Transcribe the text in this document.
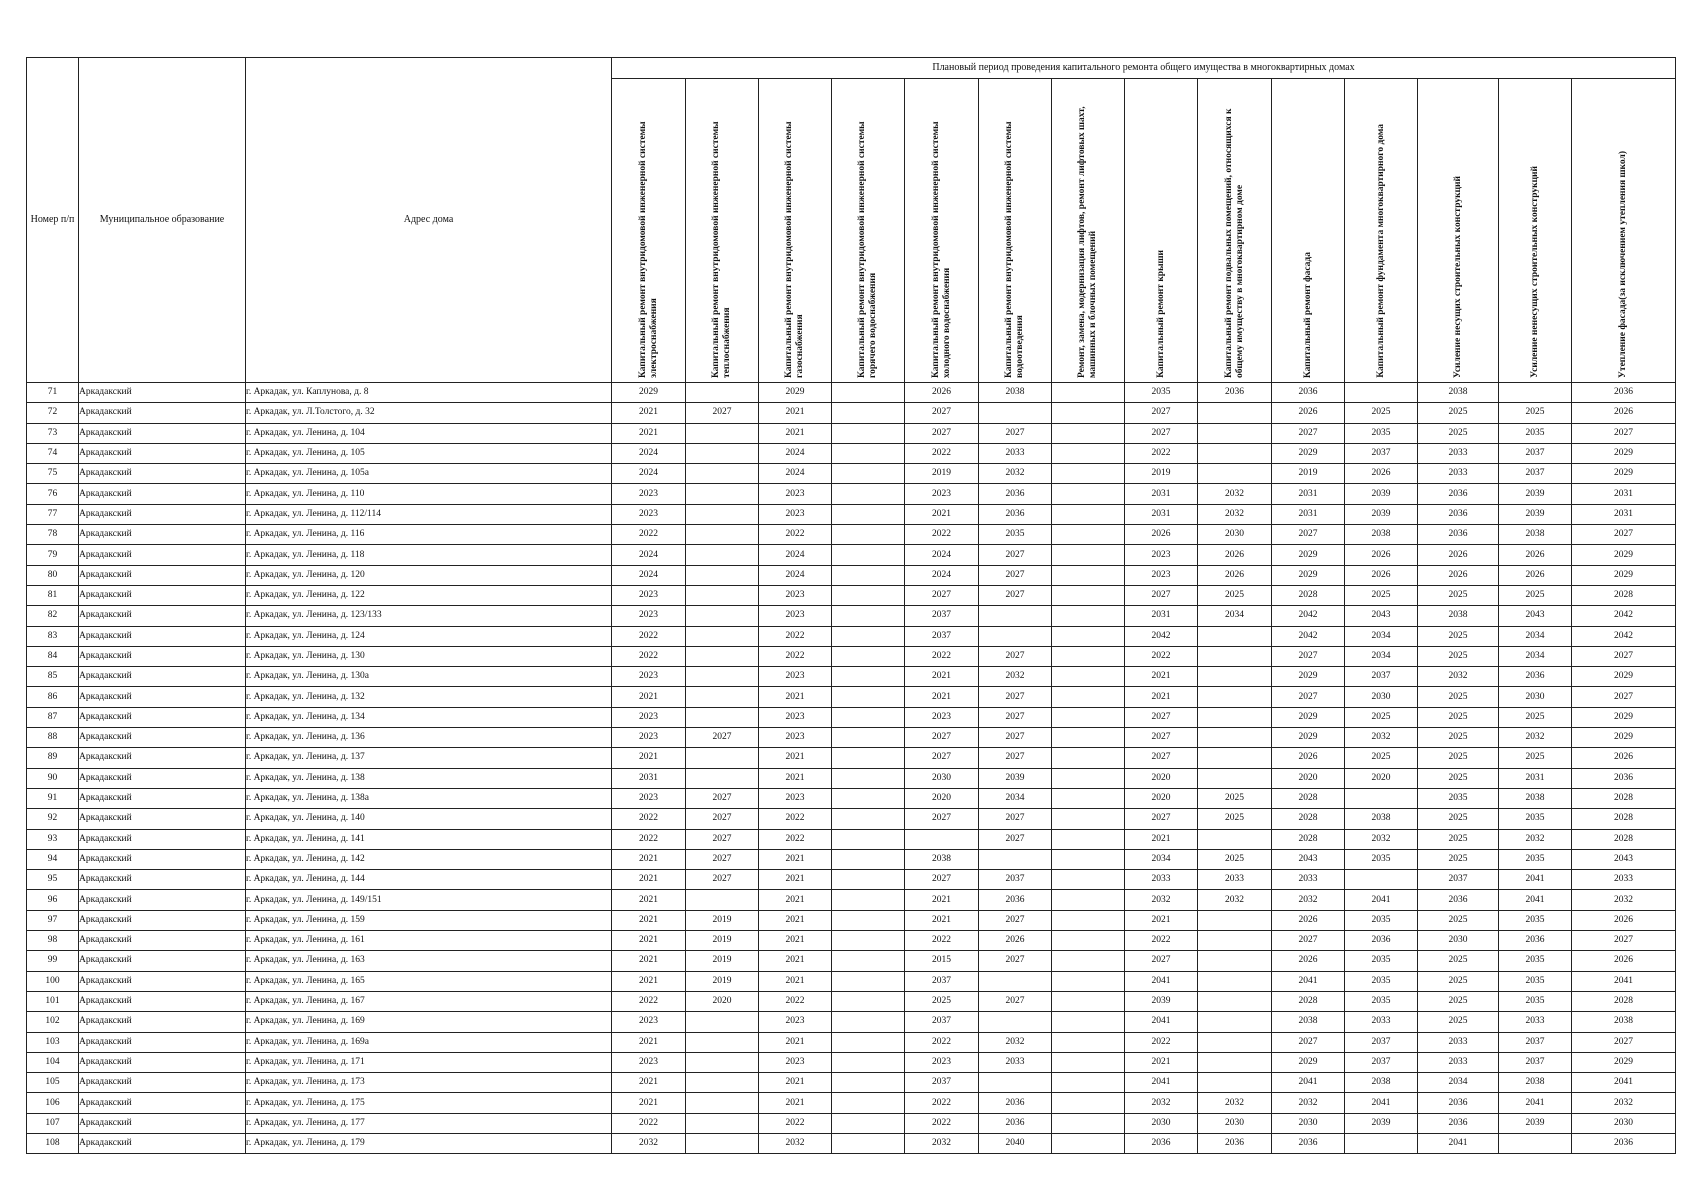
Номер п/п	Муниципальное образование	Адрес дома	Плановый период проведения капитального ремонта общего имущества в многоквартирных домах													
			Капитальный ремонт внутридомовой инженерной системы электроснабжения	Капитальный ремонт внутридомовой инженерной системы теплоснабжения	Капитальный ремонт внутридомовой инженерной системы газоснабжения	Капитальный ремонт внутридомовой инженерной системы горячего водоснабжения	Капитальный ремонт внутридомовой инженерной системы холодного водоснабжения	Капитальный ремонт внутридомовой инженерной системы водоотведения	Ремонт, замена, модернизация лифтов, ремонт лифтовых шахт, машинных и блочных помещений	Капитальный ремонт крыши	Капитальный ремонт подвальных помещений, относящихся к общему имуществу в многоквартирном доме	Капитальный ремонт фасада	Капитальный ремонт фундамента многоквартирного дома	Усиление несущих строительных конструкций	Усиление ненесущих строительных конструкций	Утепление фасада(за исключением утепления школ)
71	Аркадакский	г. Аркадак, ул. Каплунова, д. 8	2029		2029		2026	2038		2035	2036	2036		2038		2036
72	Аркадакский	г. Аркадак, ул. Л.Толстого, д. 32	2021	2027	2021		2027			2027		2026	2025	2025	2025	2026
73	Аркадакский	г. Аркадак, ул. Ленина, д. 104	2021		2021		2027	2027		2027		2027	2035	2025	2035	2027
74	Аркадакский	г. Аркадак, ул. Ленина, д. 105	2024		2024		2022	2033		2022		2029	2037	2033	2037	2029
75	Аркадакский	г. Аркадак, ул. Ленина, д. 105а	2024		2024		2019	2032		2019		2019	2026	2033	2037	2029
76	Аркадакский	г. Аркадак, ул. Ленина, д. 110	2023		2023		2023	2036		2031	2032	2031	2039	2036	2039	2031
77	Аркадакский	г. Аркадак, ул. Ленина, д. 112/114	2023		2023		2021	2036		2031	2032	2031	2039	2036	2039	2031
78	Аркадакский	г. Аркадак, ул. Ленина, д. 116	2022		2022		2022	2035		2026	2030	2027	2038	2036	2038	2027
79	Аркадакский	г. Аркадак, ул. Ленина, д. 118	2024		2024		2024	2027		2023	2026	2029	2026	2026	2026	2029
80	Аркадакский	г. Аркадак, ул. Ленина, д. 120	2024		2024		2024	2027		2023	2026	2029	2026	2026	2026	2029
81	Аркадакский	г. Аркадак, ул. Ленина, д. 122	2023		2023		2027	2027		2027	2025	2028	2025	2025	2025	2028
82	Аркадакский	г. Аркадак, ул. Ленина, д. 123/133	2023		2023		2037			2031	2034	2042	2043	2038	2043	2042
83	Аркадакский	г. Аркадак, ул. Ленина, д. 124	2022		2022		2037			2042		2042	2034	2025	2034	2042
84	Аркадакский	г. Аркадак, ул. Ленина, д. 130	2022		2022		2022	2027		2022		2027	2034	2025	2034	2027
85	Аркадакский	г. Аркадак, ул. Ленина, д. 130а	2023		2023		2021	2032		2021		2029	2037	2032	2036	2029
86	Аркадакский	г. Аркадак, ул. Ленина, д. 132	2021		2021		2021	2027		2021		2027	2030	2025	2030	2027
87	Аркадакский	г. Аркадак, ул. Ленина, д. 134	2023		2023		2023	2027		2027		2029	2025	2025	2025	2029
88	Аркадакский	г. Аркадак, ул. Ленина, д. 136	2023	2027	2023		2027	2027		2027		2029	2032	2025	2032	2029
89	Аркадакский	г. Аркадак, ул. Ленина, д. 137	2021		2021		2027	2027		2027		2026	2025	2025	2025	2026
90	Аркадакский	г. Аркадак, ул. Ленина, д. 138	2031		2021		2030	2039		2020		2020	2020	2025	2031	2036
91	Аркадакский	г. Аркадак, ул. Ленина, д. 138а	2023	2027	2023		2020	2034		2020	2025	2028		2035	2038	2028
92	Аркадакский	г. Аркадак, ул. Ленина, д. 140	2022	2027	2022		2027	2027		2027	2025	2028	2038	2025	2035	2028
93	Аркадакский	г. Аркадак, ул. Ленина, д. 141	2022	2027	2022			2027		2021		2028	2032	2025	2032	2028
94	Аркадакский	г. Аркадак, ул. Ленина, д. 142	2021	2027	2021		2038			2034	2025	2043	2035	2025	2035	2043
95	Аркадакский	г. Аркадак, ул. Ленина, д. 144	2021	2027	2021		2027	2037		2033	2033	2033		2037	2041	2033
96	Аркадакский	г. Аркадак, ул. Ленина, д. 149/151	2021		2021		2021	2036		2032	2032	2032	2041	2036	2041	2032
97	Аркадакский	г. Аркадак, ул. Ленина, д. 159	2021	2019	2021		2021	2027		2021		2026	2035	2025	2035	2026
98	Аркадакский	г. Аркадак, ул. Ленина, д. 161	2021	2019	2021		2022	2026		2022		2027	2036	2030	2036	2027
99	Аркадакский	г. Аркадак, ул. Ленина, д. 163	2021	2019	2021		2015	2027		2027		2026	2035	2025	2035	2026
100	Аркадакский	г. Аркадак, ул. Ленина, д. 165	2021	2019	2021		2037			2041		2041	2035	2025	2035	2041
101	Аркадакский	г. Аркадак, ул. Ленина, д. 167	2022	2020	2022		2025	2027		2039		2028	2035	2025	2035	2028
102	Аркадакский	г. Аркадак, ул. Ленина, д. 169	2023		2023		2037			2041		2038	2033	2025	2033	2038
103	Аркадакский	г. Аркадак, ул. Ленина, д. 169а	2021		2021		2022	2032		2022		2027	2037	2033	2037	2027
104	Аркадакский	г. Аркадак, ул. Ленина, д. 171	2023		2023		2023	2033		2021		2029	2037	2033	2037	2029
105	Аркадакский	г. Аркадак, ул. Ленина, д. 173	2021		2021		2037			2041		2041	2038	2034	2038	2041
106	Аркадакский	г. Аркадак, ул. Ленина, д. 175	2021		2021		2022	2036		2032	2032	2032	2041	2036	2041	2032
107	Аркадакский	г. Аркадак, ул. Ленина, д. 177	2022		2022		2022	2036		2030	2030	2030	2039	2036	2039	2030
108	Аркадакский	г. Аркадак, ул. Ленина, д. 179	2032		2032		2032	2040		2036	2036	2036		2041		2036
